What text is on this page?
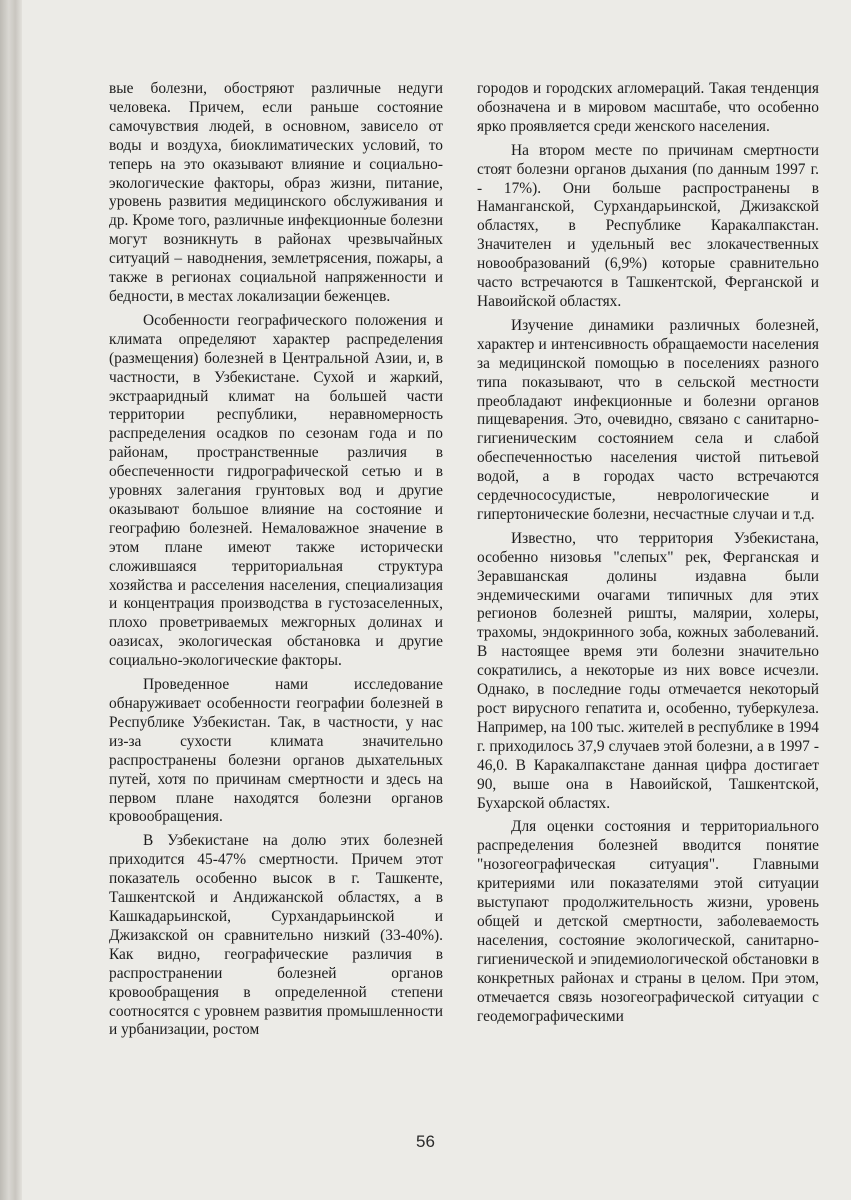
вые болезни, обостряют различные недуги человека. Причем, если раньше состояние самочувствия людей, в основном, зависело от воды и воздуха, биоклиматических условий, то теперь на это оказывают влияние и социально-экологические факторы, образ жизни, питание, уровень развития медицинского обслуживания и др. Кроме того, различные инфекционные болезни могут возникнуть в районах чрезвычайных ситуаций – наводнения, землетрясения, пожары, а также в регионах социальной напряженности и бедности, в местах локализации беженцев.

Особенности географического положения и климата определяют характер распределения (размещения) болезней в Центральной Азии, и, в частности, в Узбекистане. Сухой и жаркий, экстрааридный климат на большей части территории республики, неравномерность распределения осадков по сезонам года и по районам, пространственные различия в обеспеченности гидрографической сетью и в уровнях залегания грунтовых вод и другие оказывают большое влияние на состояние и географию болезней. Немаловажное значение в этом плане имеют также исторически сложившаяся территориальная структура хозяйства и расселения населения, специализация и концентрация производства в густозаселенных, плохо проветриваемых межгорных долинах и оазисах, экологическая обстановка и другие социально-экологические факторы.

Проведенное нами исследование обнаруживает особенности географии болезней в Республике Узбекистан. Так, в частности, у нас из-за сухости климата значительно распространены болезни органов дыхательных путей, хотя по причинам смертности и здесь на первом плане находятся болезни органов кровообращения.

В Узбекистане на долю этих болезней приходится 45-47% смертности. Причем этот показатель особенно высок в г. Ташкенте, Ташкентской и Андижанской областях, а в Кашкадарьинской, Сурхандарьинской и Джизакской он сравнительно низкий (33-40%). Как видно, географические различия в распространении болезней органов кровообращения в определенной степени соотносятся с уровнем развития промышленности и урбанизации, ростом

городов и городских агломераций. Такая тенденция обозначена и в мировом масштабе, что особенно ярко проявляется среди женского населения.

На втором месте по причинам смертности стоят болезни органов дыхания (по данным 1997 г. - 17%). Они больше распространены в Наманганской, Сурхандарьинской, Джизакской областях, в Республике Каракалпакстан. Значителен и удельный вес злокачественных новообразований (6,9%) которые сравнительно часто встречаются в Ташкентской, Ферганской и Навоийской областях.

Изучение динамики различных болезней, характер и интенсивность обращаемости населения за медицинской помощью в поселениях разного типа показывают, что в сельской местности преобладают инфекционные и болезни органов пищеварения. Это, очевидно, связано с санитарно-гигиеническим состоянием села и слабой обеспеченностью населения чистой питьевой водой, а в городах часто встречаются сердечнососудистые, неврологические и гипертонические болезни, несчастные случаи и т.д.

Известно, что территория Узбекистана, особенно низовья "слепых" рек, Ферганская и Зеравшанская долины издавна были эндемическими очагами типичных для этих регионов болезней ришты, малярии, холеры, трахомы, эндокринного зоба, кожных заболеваний. В настоящее время эти болезни значительно сократились, а некоторые из них вовсе исчезли. Однако, в последние годы отмечается некоторый рост вирусного гепатита и, особенно, туберкулеза. Например, на 100 тыс. жителей в республике в 1994 г. приходилось 37,9 случаев этой болезни, а в 1997 - 46,0. В Каракалпакстане данная цифра достигает 90, выше она в Навоийской, Ташкентской, Бухарской областях.

Для оценки состояния и территориального распределения болезней вводится понятие "нозогеографическая ситуация". Главными критериями или показателями этой ситуации выступают продолжительность жизни, уровень общей и детской смертности, заболеваемость населения, состояние экологической, санитарно-гигиенической и эпидемиологической обстановки в конкретных районах и страны в целом. При этом, отмечается связь нозогеографической ситуации с геодемографическими

56
